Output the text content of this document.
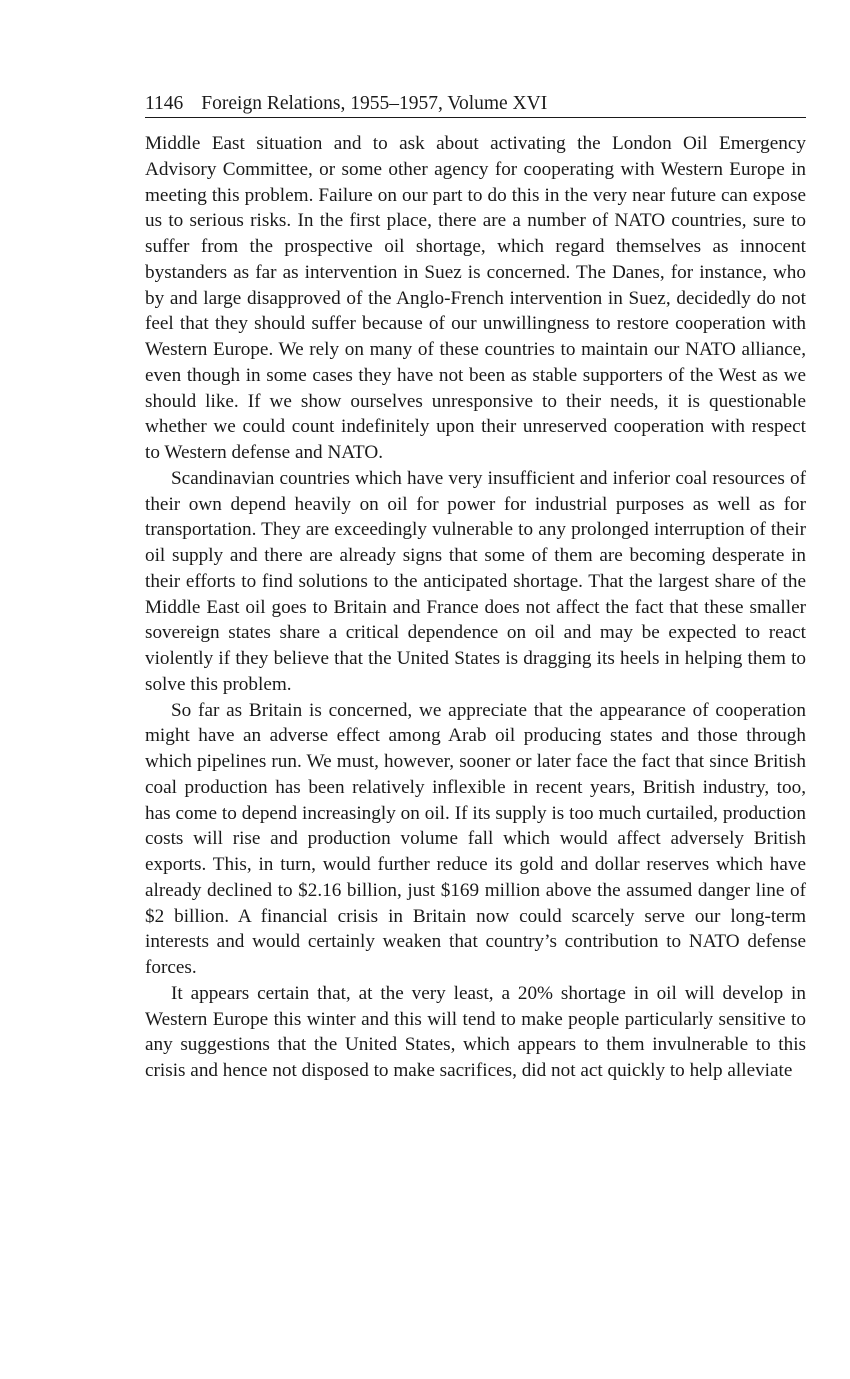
1146 Foreign Relations, 1955–1957, Volume XVI

Middle East situation and to ask about activating the London Oil Emergency Advisory Committee, or some other agency for cooperating with Western Europe in meeting this problem. Failure on our part to do this in the very near future can expose us to serious risks. In the first place, there are a number of NATO countries, sure to suffer from the prospective oil shortage, which regard themselves as innocent bystanders as far as intervention in Suez is concerned. The Danes, for instance, who by and large disapproved of the Anglo-French intervention in Suez, decidedly do not feel that they should suffer because of our unwillingness to restore cooperation with Western Europe. We rely on many of these countries to maintain our NATO alliance, even though in some cases they have not been as stable supporters of the West as we should like. If we show ourselves unresponsive to their needs, it is questionable whether we could count indefinitely upon their unreserved cooperation with respect to Western defense and NATO.

Scandinavian countries which have very insufficient and inferior coal resources of their own depend heavily on oil for power for industrial purposes as well as for transportation. They are exceedingly vulnerable to any prolonged interruption of their oil supply and there are already signs that some of them are becoming desperate in their efforts to find solutions to the anticipated shortage. That the largest share of the Middle East oil goes to Britain and France does not affect the fact that these smaller sovereign states share a critical dependence on oil and may be expected to react violently if they believe that the United States is dragging its heels in helping them to solve this problem.

So far as Britain is concerned, we appreciate that the appearance of cooperation might have an adverse effect among Arab oil producing states and those through which pipelines run. We must, however, sooner or later face the fact that since British coal production has been relatively inflexible in recent years, British industry, too, has come to depend increasingly on oil. If its supply is too much curtailed, production costs will rise and production volume fall which would affect adversely British exports. This, in turn, would further reduce its gold and dollar reserves which have already declined to $2.16 billion, just $169 million above the assumed danger line of $2 billion. A financial crisis in Britain now could scarcely serve our long-term interests and would certainly weaken that country’s contribution to NATO defense forces.

It appears certain that, at the very least, a 20% shortage in oil will develop in Western Europe this winter and this will tend to make people particularly sensitive to any suggestions that the United States, which appears to them invulnerable to this crisis and hence not disposed to make sacrifices, did not act quickly to help alleviate
